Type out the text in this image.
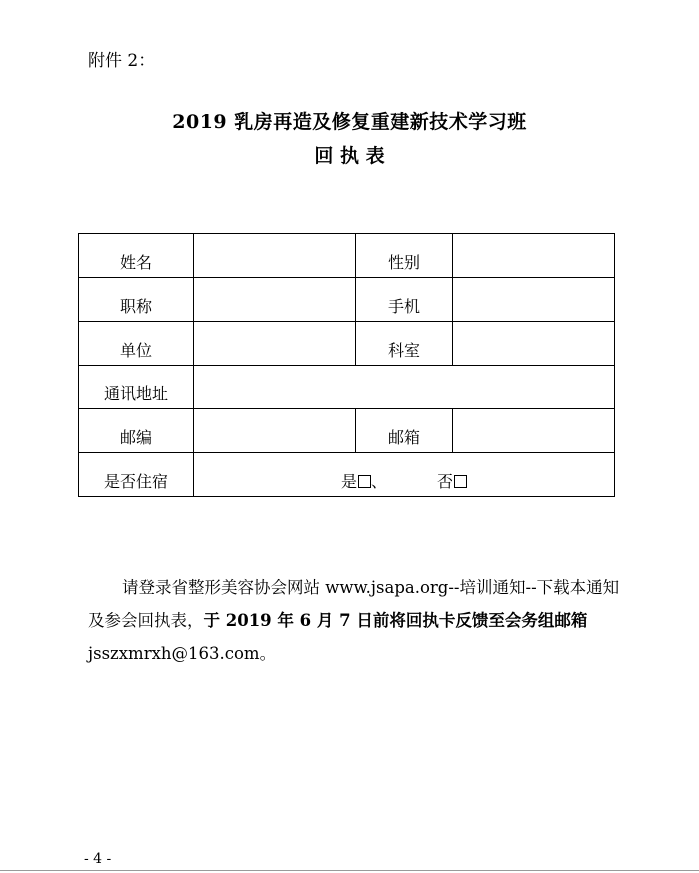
附件 2：
2019 乳房再造及修复重建新技术学习班
回 执 表
姓名		性别	
职称		手机	
单位		科室	
通讯地址			
邮编		邮箱	
是否住宿	是 、 否		
请登录省整形美容协会网站 www.jsapa.org--培训通知--下载本通知及参会回执表，于 2019 年 6 月 7 日前将回执卡反馈至会务组邮箱 jsszxmrxh@163.com。
- 4 -
